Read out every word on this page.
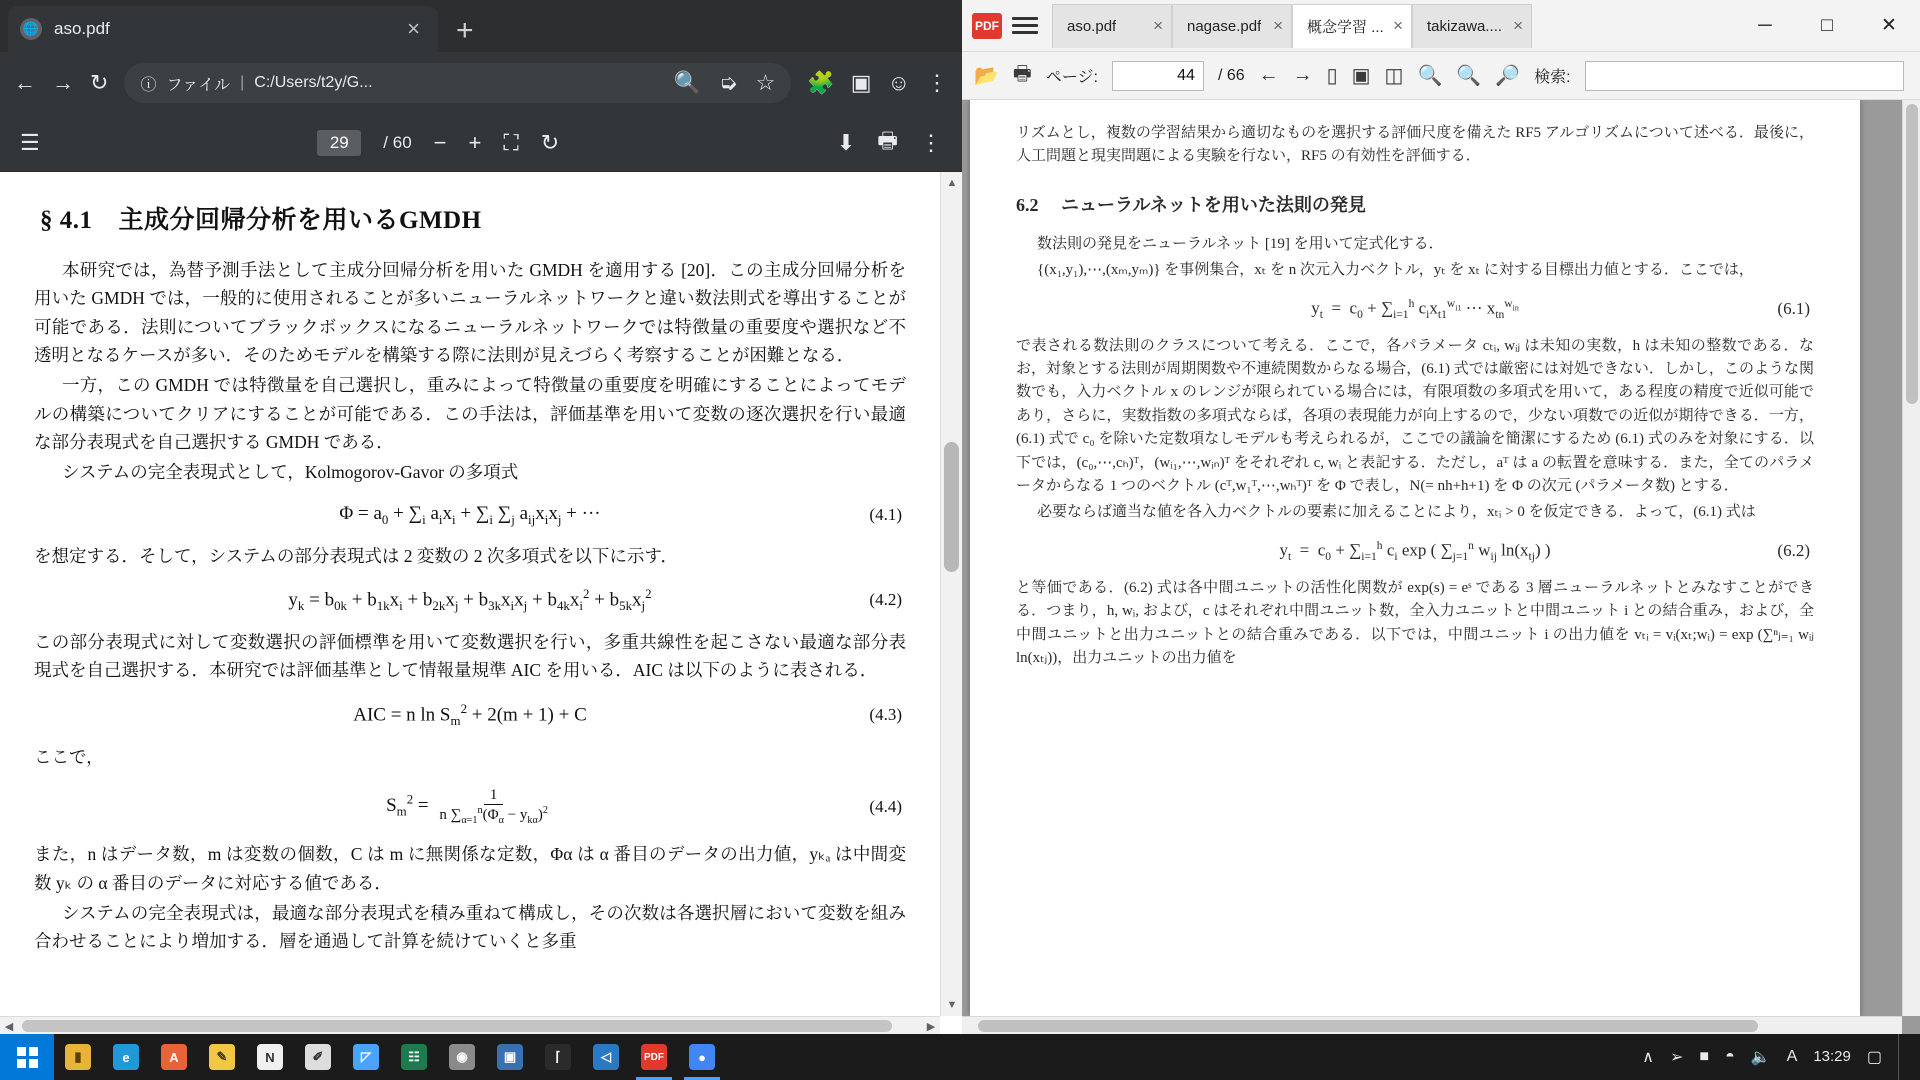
🌐 aso.pdf	× +
← → ↻ ⓘ ファイル | C:/Users/t2y/G...	🔍 ➭ ☆ 🧩 ▣ ☺ ⋮
☰	29	/ 60 − + ⛶ ↻	⬇ 🖶 ⋮
§ 4.1 主成分回帰分析を用いるGMDH

本研究では，為替予測手法として主成分回帰分析を用いた GMDH を適用する [20]．この主成分回帰分析を用いた GMDH では，一般的に使用されることが多いニューラルネットワークと違い数法則式を導出することが可能である．法則についてブラックボックスになるニューラルネットワークでは特徴量の重要度や選択など不透明となるケースが多い．そのためモデルを構築する際に法則が見えづらく考察することが困難となる．

一方，この GMDH では特徴量を自己選択し，重みによって特徴量の重要度を明確にすることによってモデルの構築についてクリアにすることが可能である．この手法は，評価基準を用いて変数の逐次選択を行い最適な部分表現式を自己選択する GMDH である．

システムの完全表現式として，Kolmogorov-Gavor の多項式

$\Phi = a_0 + \sum_i$ $a_ix_i + \sum_i$ $\sum_j$ $a_{ij}x_ix_j$ + ···	(4.1)

を想定する．そして，システムの部分表現式は 2 変数の 2 次多項式を以下に示す．

$y_k = b_{0k} + b_{1k}x_i + b_{2k}x_j + b_{3k}x_ix_j + b_{4k}x_i^2 + b_{5k}x_j^2$	(4.2)

この部分表現式に対して変数選択の評価標準を用いて変数選択を行い，多重共線性を起こさない最適な部分表現式を自己選択する．本研究では評価基準として情報量規準 AIC を用いる．AIC は以下のように表される．

AIC = n $\ln S_m^2 + 2(m + 1) + C$	(4.3)

ここで，

$S_m^2 = \frac{1}{n \sum_{\alpha=1}^n(\Phi_\alpha - y_{k\alpha})^2}$	(4.4)

また，n はデータ数，m は変数の個数，C は m に無関係な定数，Φα は α 番目のデータの出力値，yₖₐ は中間変数 yₖ の α 番目のデータに対応する値である．

システムの完全表現式は，最適な部分表現式を積み重ねて構成し，その次数は各選択層において変数を組み合わせることにより増加する．層を通過して計算を続けていくと多重

▲
▼
◀	▶
PDF	aso.pdf × nagase.pdf × 概念学習 ... × takizawa.... ×	─	□	✕
📂 🖶 ページ:	44	/ 66 ← → ▯ ▣ ◫ 🔍 🔍 🔎 検索:

リズムとし，複数の学習結果から適切なものを選択する評価尺度を備えた RF5 アルゴリズムについて述べる．最後に，人工問題と現実問題による実験を行ない，RF5 の有効性を評価する．

6.2 ニューラルネットを用いた法則の発見

数法則の発見をニューラルネット [19] を用いて定式化する．

{(x₁,y₁),⋯,(xₘ,yₘ)} を事例集合，xₜ を n 次元入力ベクトル，yₜ を xₜ に対する目標出力値とする．ここでは，

$y_t = c_0 + \sum_{i=1}^h$ $c_ix_{t1}^{w_{i1}}$ ··· $x_{tn}^{w_{in}}$	(6.1)

で表される数法則のクラスについて考える．ここで，各パラメータ cₜᵢ, wᵢⱼ は未知の実数，h は未知の整数である．なお，対象とする法則が周期関数や不連続関数からなる場合，(6.1) 式では厳密には対処できない．しかし，このような関数でも，入力ベクトル x のレンジが限られている場合には，有限項数の多項式を用いて，ある程度の精度で近似可能であり，さらに，実数指数の多項式ならば，各項の表現能力が向上するので，少ない項数での近似が期待できる．一方，(6.1) 式で c₀ を除いた定数項なしモデルも考えられるが，ここでの議論を簡潔にするため (6.1) 式のみを対象にする．以下では，(c₀,⋯,cₕ)ᵀ，(wᵢ₁,⋯,wᵢₙ)ᵀ をそれぞれ c, wᵢ と表記する．ただし，aᵀ は a の転置を意味する．また，全てのパラメータからなる 1 つのベクトル (cᵀ,w₁ᵀ,⋯,wₕᵀ)ᵀ を Φ で表し，N(= nh+h+1) を Φ の次元 (パラメータ数) とする．

必要ならば適当な値を各入力ベクトルの要素に加えることにより，xₜᵢ > 0 を仮定できる．よって，(6.1) 式は

$y_t = c_0 + \sum_{i=1}^h$ $c_i$ exp ( $\sum_{j=1}^n$ $w_{ij}$ $\ln(x_{tj})$ )	(6.2)

と等価である．(6.2) 式は各中間ユニットの活性化関数が exp(s) = eˢ である 3 層ニューラルネットとみなすことができる．つまり，h, wᵢ, および，c はそれぞれ中間ユニット数，全入力ユニットと中間ユニット i との結合重み，および，全中間ユニットと出力ユニットとの結合重みである．以下では，中間ユニット i の出力値を vₜᵢ = vᵢ(xₜ;wᵢ) = exp (∑ⁿⱼ₌₁ wᵢⱼ ln(xₜⱼ))，出力ユニットの出力値を

▮	e	A	✎	N	✐	◸	☷	◉	▣	⌈	◁	PDF	●	∧ ➢ ■ ◓ 🔈 A 13:29 ▢
